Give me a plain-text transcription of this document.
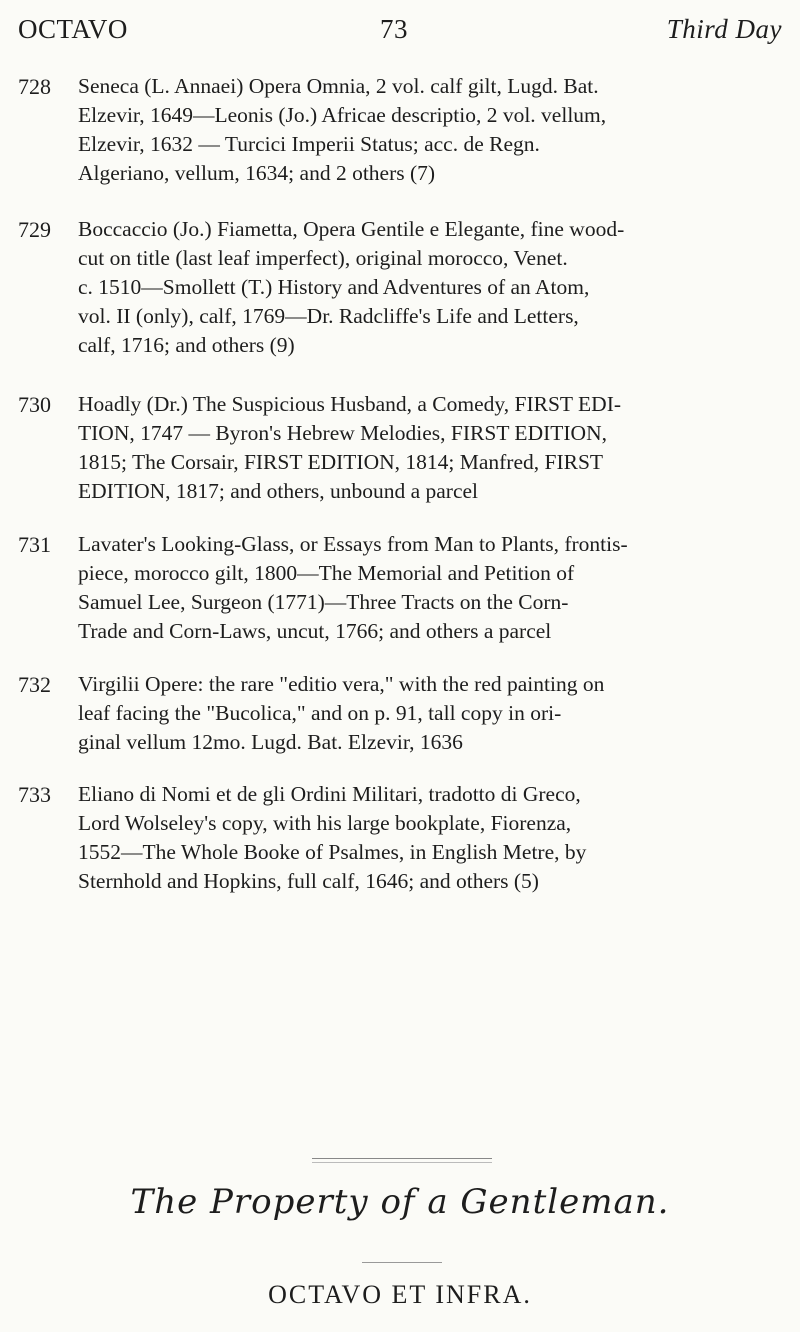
OCTAVO	73	Third Day
728	Seneca (L. Annaei) Opera Omnia, 2 vol. calf gilt, Lugd. Bat.
Elzevir, 1649—Leonis (Jo.) Africae descriptio, 2 vol. vellum,
Elzevir, 1632 — Turcici Imperii Status; acc. de Regn.
Algeriano, vellum, 1634; and 2 others (7)
729	Boccaccio (Jo.) Fiametta, Opera Gentile e Elegante, fine wood-
cut on title (last leaf imperfect), original morocco, Venet.
c. 1510—Smollett (T.) History and Adventures of an Atom,
vol. II (only), calf, 1769—Dr. Radcliffe's Life and Letters,
calf, 1716; and others (9)
730	Hoadly (Dr.) The Suspicious Husband, a Comedy, FIRST EDI-
TION, 1747 — Byron's Hebrew Melodies, FIRST EDITION,
1815; The Corsair, FIRST EDITION, 1814; Manfred, FIRST
EDITION, 1817; and others, unbound a parcel
731	Lavater's Looking-Glass, or Essays from Man to Plants, frontis-
piece, morocco gilt, 1800—The Memorial and Petition of
Samuel Lee, Surgeon (1771)—Three Tracts on the Corn-
Trade and Corn-Laws, uncut, 1766; and others a parcel
732	Virgilii Opere: the rare "editio vera," with the red painting on
leaf facing the "Bucolica," and on p. 91, tall copy in ori-
ginal vellum 12mo. Lugd. Bat. Elzevir, 1636
733	Eliano di Nomi et de gli Ordini Militari, tradotto di Greco,
Lord Wolseley's copy, with his large bookplate, Fiorenza,
1552—The Whole Booke of Psalmes, in English Metre, by
Sternhold and Hopkins, full calf, 1646; and others (5)
The Property of a Gentleman.
OCTAVO ET INFRA.
